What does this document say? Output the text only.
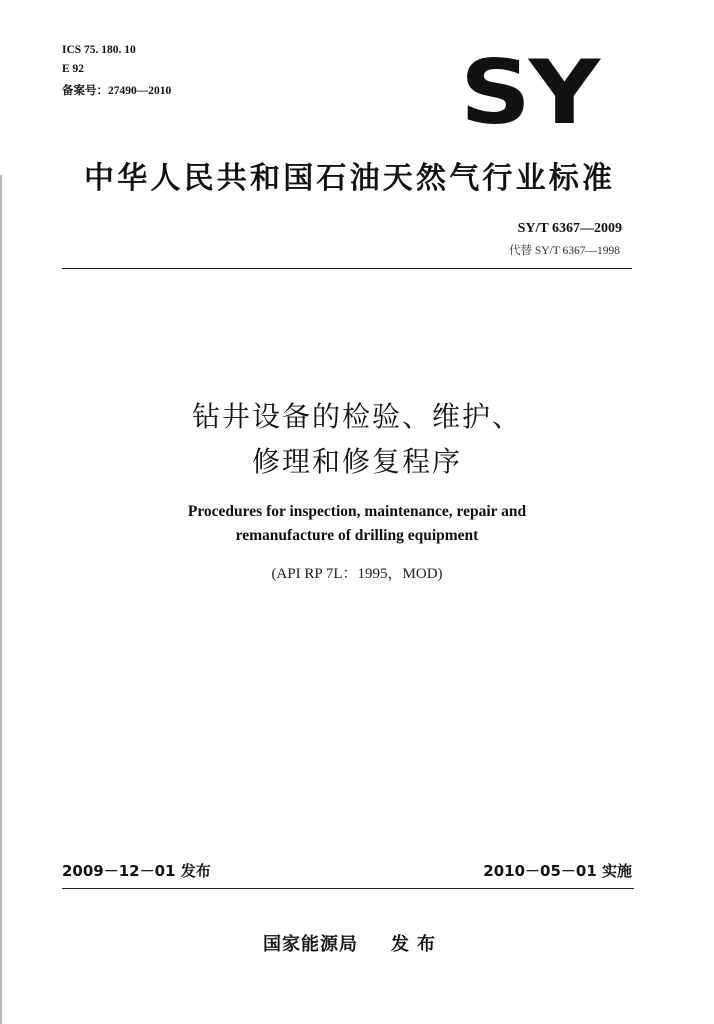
ICS 75. 180. 10
E 92
备案号：27490—2010	SY
中华人民共和国石油天然气行业标准
SY/T 6367—2009
代替 SY/T 6367—1998
钻井设备的检验、维护、
修理和修复程序
Procedures for inspection, maintenance, repair and
remanufacture of drilling equipment
(API RP 7L：1995，MOD)
2009－12－01 发布	2010－05－01 实施
国家能源局 发布
